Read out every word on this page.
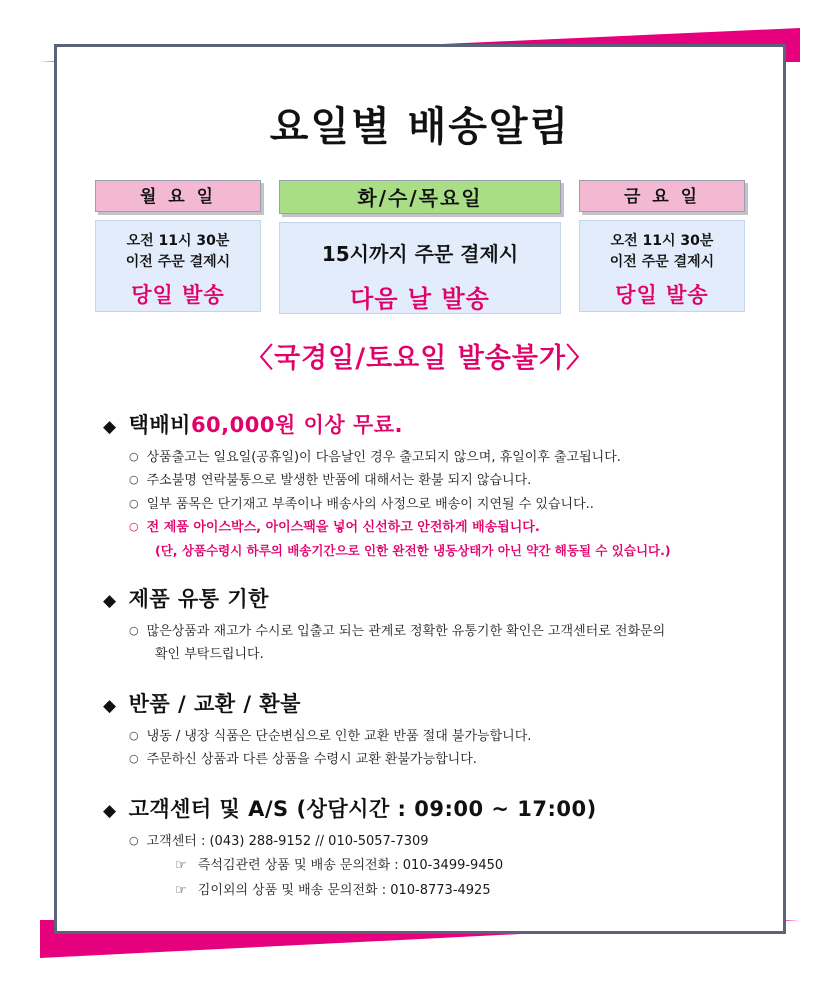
요일별 배송알림
월 요 일
오전 11시 30분
이전 주문 결제시
당일 발송
화/수/목요일
15시까지 주문 결제시
다음 날 발송
금 요 일
오전 11시 30분
이전 주문 결제시
당일 발송
〈국경일/토요일 발송불가〉
◆ 택배비 60,000원 이상 무료.
○ 상품출고는 일요일(공휴일)이 다음날인 경우 출고되지 않으며, 휴일이후 출고됩니다.
○ 주소불명 연락불통으로 발생한 반품에 대해서는 환불 되지 않습니다.
○ 일부 품목은 단기재고 부족이나 배송사의 사정으로 배송이 지연될 수 있습니다..
○ 전 제품 아이스박스, 아이스팩을 넣어 신선하고 안전하게 배송됩니다.
(단, 상품수령시 하루의 배송기간으로 인한 완전한 냉동상태가 아닌 약간 해동될 수 있습니다.)
◆ 제품 유통 기한
○ 많은상품과 재고가 수시로 입출고 되는 관계로 정확한 유통기한 확인은 고객센터로 전화문의
확인 부탁드립니다.
◆ 반품 / 교환 / 환불
○ 냉동 / 냉장 식품은 단순변심으로 인한 교환 반품 절대 불가능합니다.
○ 주문하신 상품과 다른 상품을 수령시 교환 환불가능합니다.
◆ 고객센터 및 A/S (상담시간 : 09:00 ~ 17:00)
○ 고객센터 : (043) 288-9152 // 010-5057-7309
☞ 즉석김관련 상품 및 배송 문의전화 : 010-3499-9450
☞ 김이외의 상품 및 배송 문의전화 : 010-8773-4925
